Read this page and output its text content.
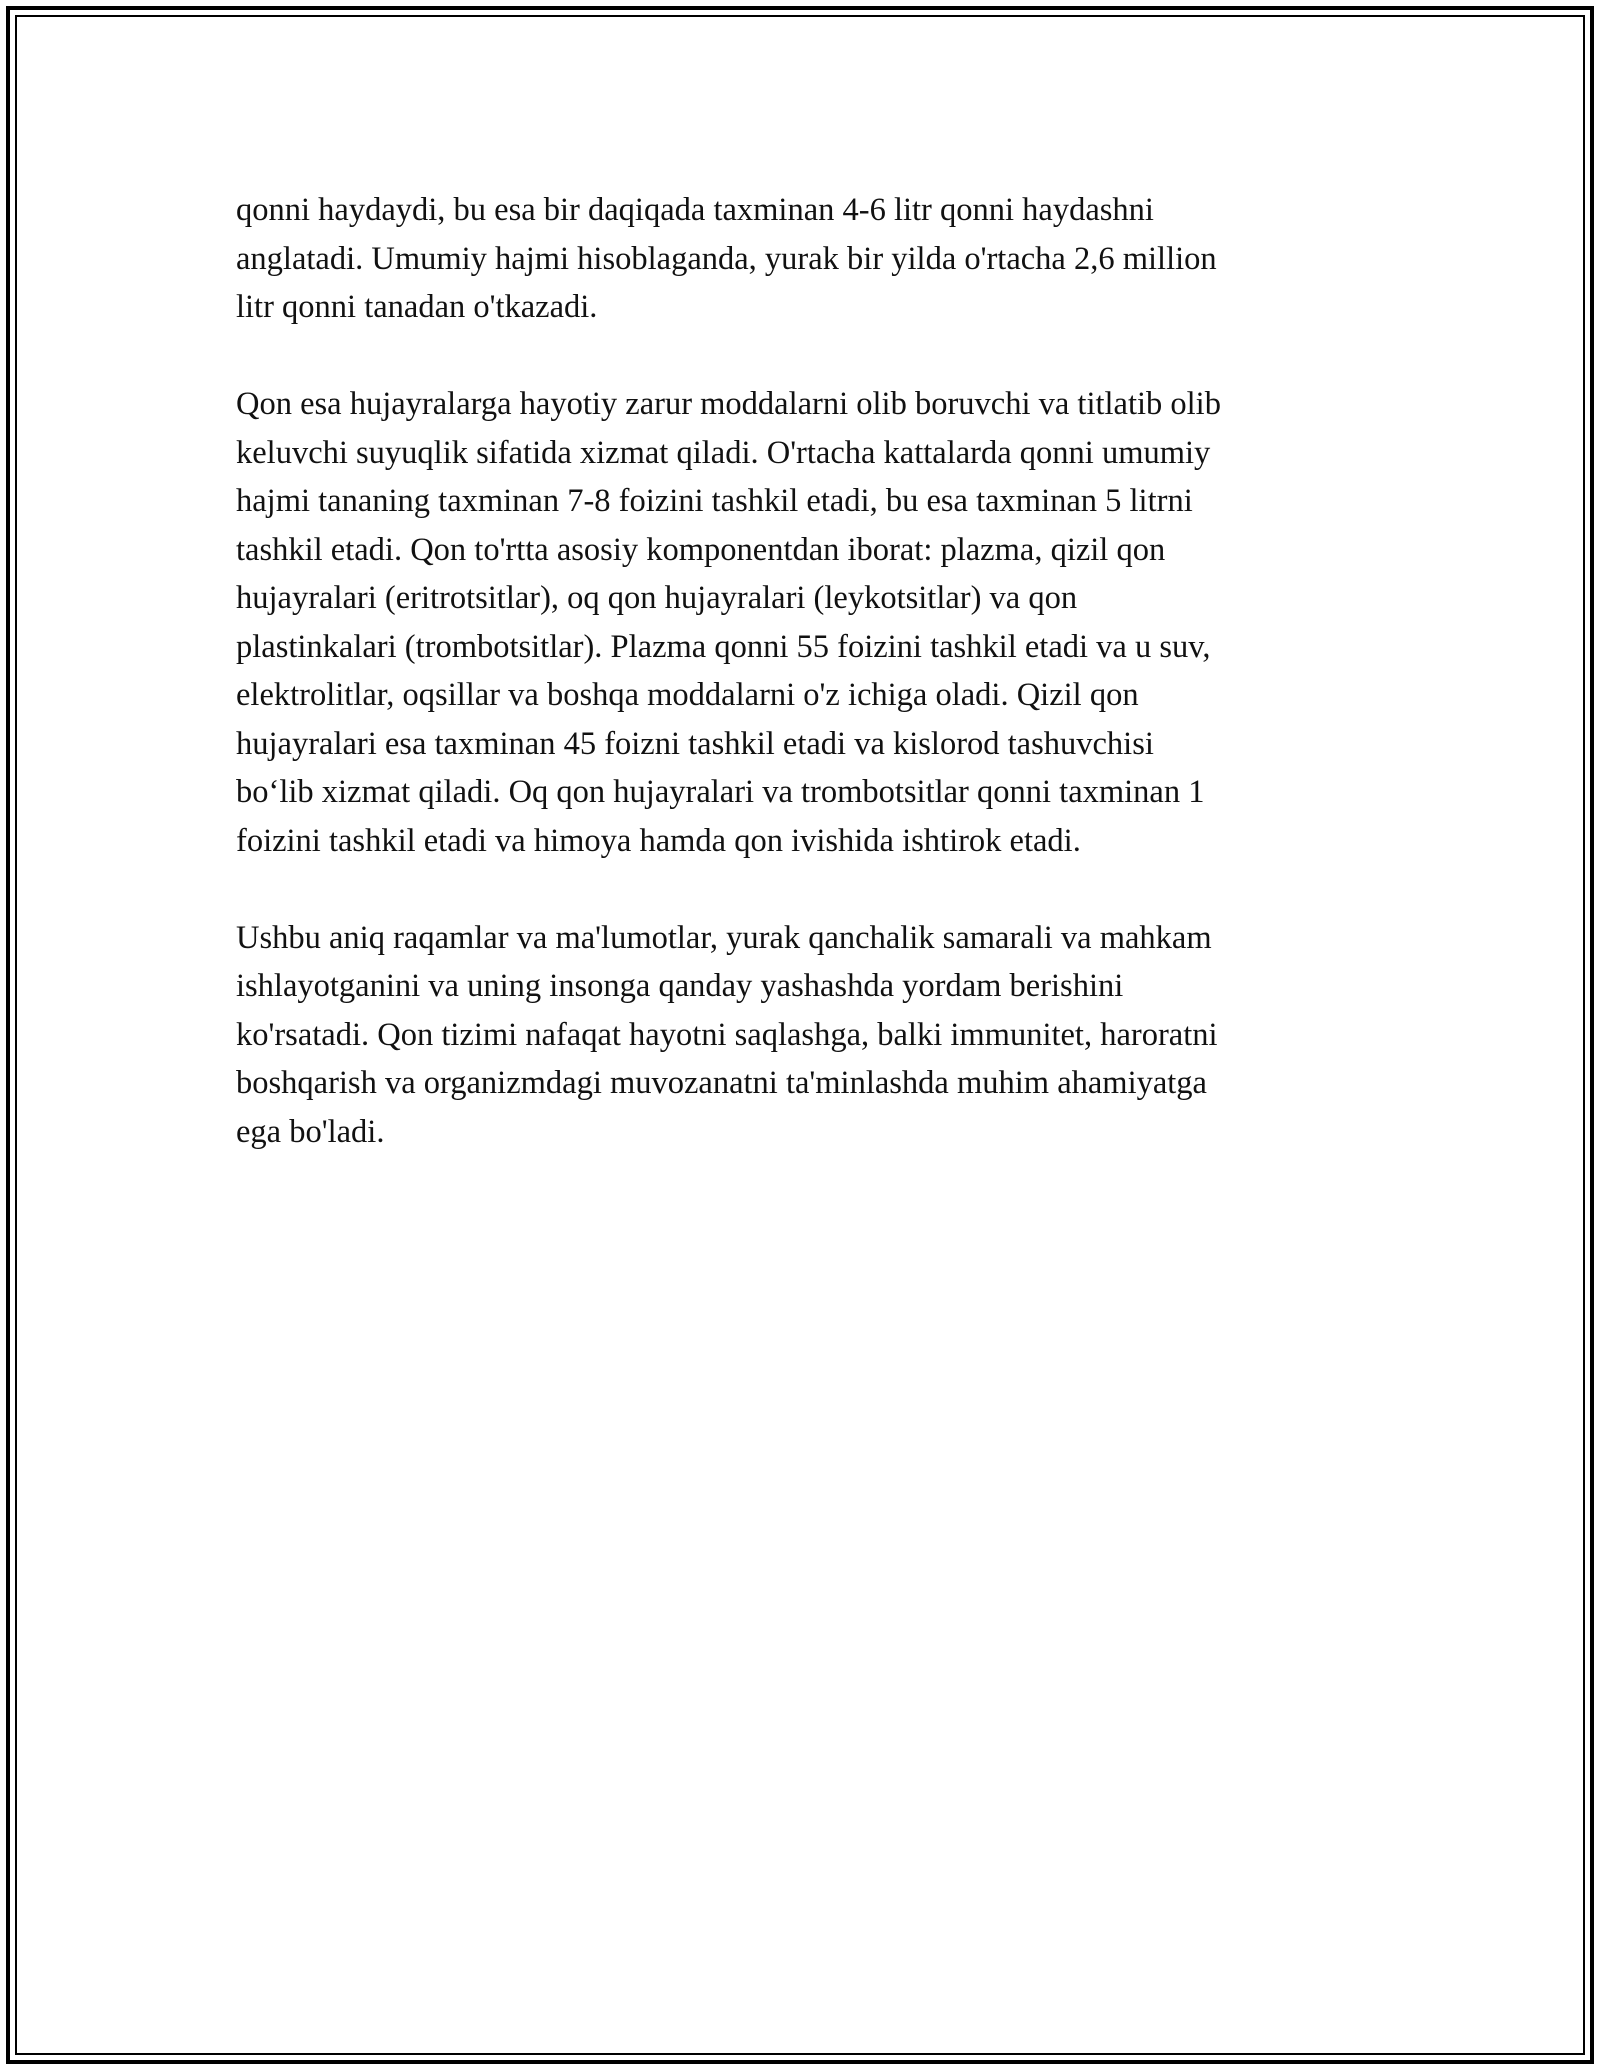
qonni haydaydi, bu esa bir daqiqada taxminan 4-6 litr qonni haydashni
anglatadi. Umumiy hajmi hisoblaganda, yurak bir yilda o'rtacha 2,6 million
litr qonni tanadan o'tkazadi.

Qon esa hujayralarga hayotiy zarur moddalarni olib boruvchi va titlatib olib
keluvchi suyuqlik sifatida xizmat qiladi. O'rtacha kattalarda qonni umumiy
hajmi tananing taxminan 7-8 foizini tashkil etadi, bu esa taxminan 5 litrni
tashkil etadi. Qon to'rtta asosiy komponentdan iborat: plazma, qizil qon
hujayralari (eritrotsitlar), oq qon hujayralari (leykotsitlar) va qon
plastinkalari (trombotsitlar). Plazma qonni 55 foizini tashkil etadi va u suv,
elektrolitlar, oqsillar va boshqa moddalarni o'z ichiga oladi. Qizil qon
hujayralari esa taxminan 45 foizni tashkil etadi va kislorod tashuvchisi
bo‘lib xizmat qiladi. Oq qon hujayralari va trombotsitlar qonni taxminan 1
foizini tashkil etadi va himoya hamda qon ivishida ishtirok etadi.

Ushbu aniq raqamlar va ma'lumotlar, yurak qanchalik samarali va mahkam
ishlayotganini va uning insonga qanday yashashda yordam berishini
ko'rsatadi. Qon tizimi nafaqat hayotni saqlashga, balki immunitet, haroratni
boshqarish va organizmdagi muvozanatni ta'minlashda muhim ahamiyatga
ega bo'ladi.
